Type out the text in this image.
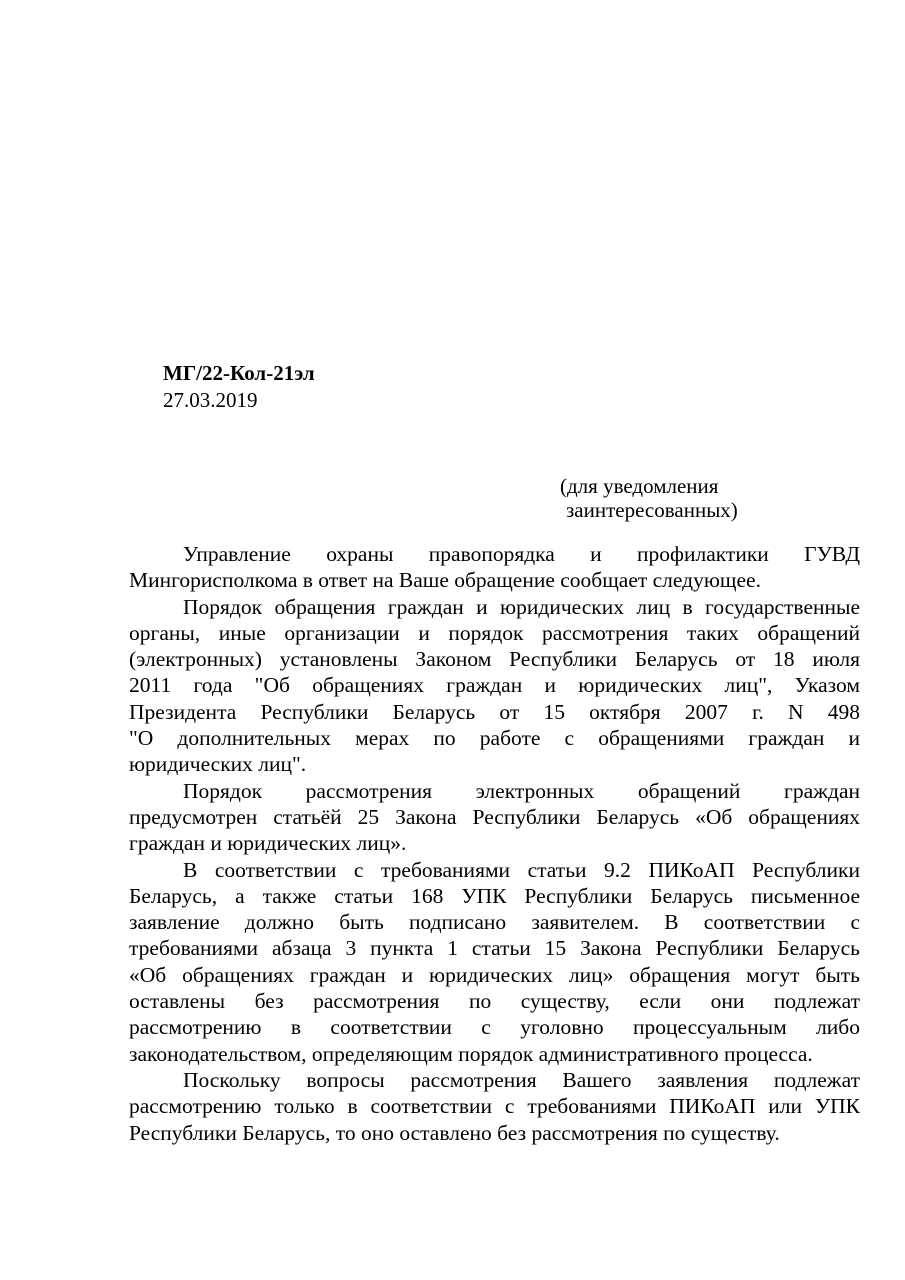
МГ/22-Кол-21эл
27.03.2019
(для уведомления
заинтересованных)
Управление охраны правопорядка и профилактики ГУВД
Мингорисполкома в ответ на Ваше обращение сообщает следующее.
Порядок обращения граждан и юридических лиц в государственные
органы, иные организации и порядок рассмотрения таких обращений
(электронных) установлены Законом Республики Беларусь от 18 июля
2011 года "Об обращениях граждан и юридических лиц", Указом
Президента Республики Беларусь от 15 октября 2007 г. N 498
"О дополнительных мерах по работе с обращениями граждан и
юридических лиц".
Порядок рассмотрения электронных обращений граждан
предусмотрен статьёй 25 Закона Республики Беларусь «Об обращениях
граждан и юридических лиц».
В соответствии с требованиями статьи 9.2 ПИКоАП Республики
Беларусь, а также статьи 168 УПК Республики Беларусь письменное
заявление должно быть подписано заявителем. В соответствии с
требованиями абзаца 3 пункта 1 статьи 15 Закона Республики Беларусь
«Об обращениях граждан и юридических лиц» обращения могут быть
оставлены без рассмотрения по существу, если они подлежат
рассмотрению в соответствии с уголовно процессуальным либо
законодательством, определяющим порядок административного процесса.
Поскольку вопросы рассмотрения Вашего заявления подлежат
рассмотрению только в соответствии с требованиями ПИКоАП или УПК
Республики Беларусь, то оно оставлено без рассмотрения по существу.
